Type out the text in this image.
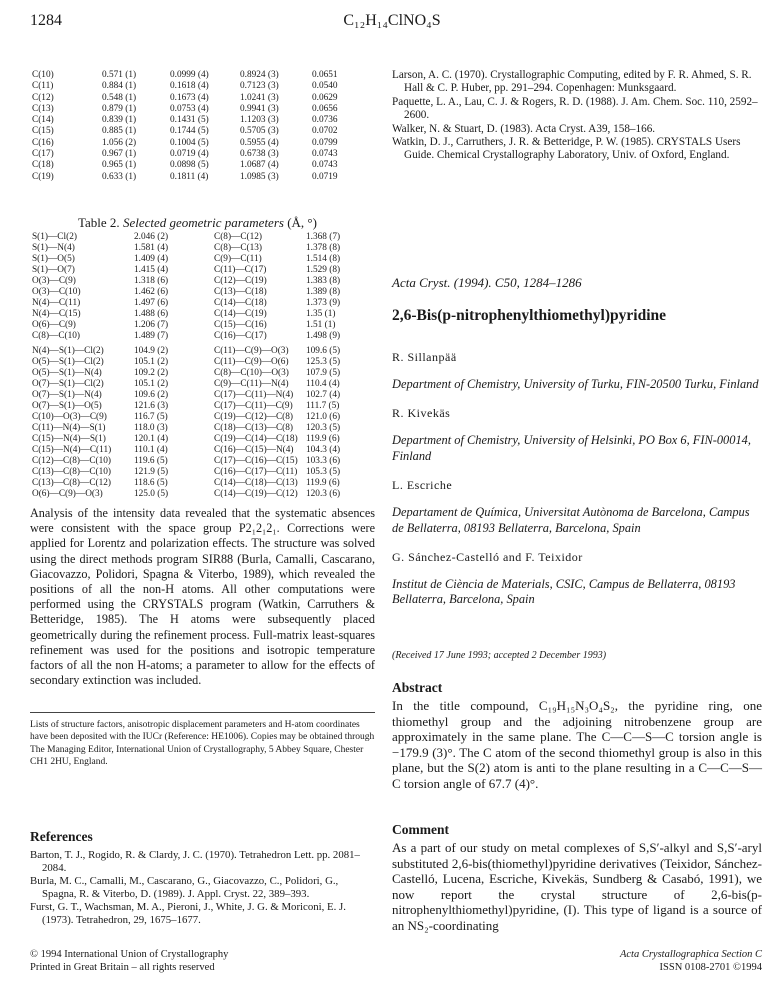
1284	C₁₂H₁₄ClNO₄S
C(10)	0.571 (1)	0.0999 (4)	0.8924 (3)	0.0651
C(11)	0.884 (1)	0.1618 (4)	0.7123 (3)	0.0540
C(12)	0.548 (1)	0.1673 (4)	1.0241 (3)	0.0629
C(13)	0.879 (1)	0.0753 (4)	0.9941 (3)	0.0656
C(14)	0.839 (1)	0.1431 (5)	1.1203 (3)	0.0736
C(15)	0.885 (1)	0.1744 (5)	0.5705 (3)	0.0702
C(16)	1.056 (2)	0.1004 (5)	0.5955 (4)	0.0799
C(17)	0.967 (1)	0.0719 (4)	0.6738 (3)	0.0743
C(18)	0.965 (1)	0.0898 (5)	1.0687 (4)	0.0743
C(19)	0.633 (1)	0.1811 (4)	1.0985 (3)	0.0719

Larson, A. C. (1970). Crystallographic Computing, edited by F. R. Ahmed, S. R. Hall & C. P. Huber, pp. 291–294. Copenhagen: Munksgaard.

Paquette, L. A., Lau, C. J. & Rogers, R. D. (1988). J. Am. Chem. Soc. 110, 2592–2600.

Walker, N. & Stuart, D. (1983). Acta Cryst. A39, 158–166.

Watkin, D. J., Carruthers, J. R. & Betteridge, P. W. (1985). CRYSTALS Users Guide. Chemical Crystallography Laboratory, Univ. of Oxford, England.

Table 2. Selected geometric parameters (Å, °)
S(1)—Cl(2)	2.046 (2)	C(8)—C(12)	1.368 (7)
S(1)—N(4)	1.581 (4)	C(8)—C(13)	1.378 (8)
S(1)—O(5)	1.409 (4)	C(9)—C(11)	1.514 (8)
S(1)—O(7)	1.415 (4)	C(11)—C(17)	1.529 (8)
O(3)—C(9)	1.318 (6)	C(12)—C(19)	1.383 (8)
O(3)—C(10)	1.462 (6)	C(13)—C(18)	1.389 (8)
N(4)—C(11)	1.497 (6)	C(14)—C(18)	1.373 (9)
N(4)—C(15)	1.488 (6)	C(14)—C(19)	1.35 (1)
O(6)—C(9)	1.206 (7)	C(15)—C(16)	1.51 (1)
C(8)—C(10)	1.489 (7)	C(16)—C(17)	1.498 (9)
N(4)—S(1)—Cl(2)	104.9 (2)	C(11)—C(9)—O(3)	109.6 (5)
O(5)—S(1)—Cl(2)	105.1 (2)	C(11)—C(9)—O(6)	125.3 (5)
O(5)—S(1)—N(4)	109.2 (2)	C(8)—C(10)—O(3)	107.9 (5)
O(7)—S(1)—Cl(2)	105.1 (2)	C(9)—C(11)—N(4)	110.4 (4)
O(7)—S(1)—N(4)	109.6 (2)	C(17)—C(11)—N(4)	102.7 (4)
O(7)—S(1)—O(5)	121.6 (3)	C(17)—C(11)—C(9)	111.7 (5)
C(10)—O(3)—C(9)	116.7 (5)	C(19)—C(12)—C(8)	121.0 (6)
C(11)—N(4)—S(1)	118.0 (3)	C(18)—C(13)—C(8)	120.3 (5)
C(15)—N(4)—S(1)	120.1 (4)	C(19)—C(14)—C(18)	119.9 (6)
C(15)—N(4)—C(11)	110.1 (4)	C(16)—C(15)—N(4)	104.3 (4)
C(12)—C(8)—C(10)	119.6 (5)	C(17)—C(16)—C(15)	103.3 (6)
C(13)—C(8)—C(10)	121.9 (5)	C(16)—C(17)—C(11)	105.3 (5)
C(13)—C(8)—C(12)	118.6 (5)	C(14)—C(18)—C(13)	119.9 (6)
O(6)—C(9)—O(3)	125.0 (5)	C(14)—C(19)—C(12)	120.3 (6)

Analysis of the intensity data revealed that the systematic absences were consistent with the space group P2₁2₁2₁. Corrections were applied for Lorentz and polarization effects. The structure was solved using the direct methods program SIR88 (Burla, Camalli, Cascarano, Giacovazzo, Polidori, Spagna & Viterbo, 1989), which revealed the positions of all the non-H atoms. All other computations were performed using the CRYSTALS program (Watkin, Carruthers & Betteridge, 1985). The H atoms were subsequently placed geometrically during the refinement process. Full-matrix least-squares refinement was used for the positions and isotropic temperature factors of all the non H-atoms; a parameter to allow for the effects of secondary extinction was included.

Lists of structure factors, anisotropic displacement parameters and H-atom coordinates have been deposited with the IUCr (Reference: HE1006). Copies may be obtained through The Managing Editor, International Union of Crystallography, 5 Abbey Square, Chester CH1 2HU, England.
References

Barton, T. J., Rogido, R. & Clardy, J. C. (1970). Tetrahedron Lett. pp. 2081–2084.

Burla, M. C., Camalli, M., Cascarano, G., Giacovazzo, C., Polidori, G., Spagna, R. & Viterbo, D. (1989). J. Appl. Cryst. 22, 389–393.

Furst, G. T., Wachsman, M. A., Pieroni, J., White, J. G. & Moriconi, E. J. (1973). Tetrahedron, 29, 1675–1677.

© 1994 International Union of Crystallography
Printed in Great Britain – all rights reserved
Acta Cryst. (1994). C50, 1284–1286
2,6-Bis(p-nitrophenylthiomethyl)pyridine
R. Sillanpää
Department of Chemistry, University of Turku, FIN-20500 Turku, Finland
R. Kivekäs
Department of Chemistry, University of Helsinki, PO Box 6, FIN-00014, Finland
L. Escriche
Departament de Química, Universitat Autònoma de Barcelona, Campus de Bellaterra, 08193 Bellaterra, Barcelona, Spain
G. Sánchez-Castelló and F. Teixidor
Institut de Ciència de Materials, CSIC, Campus de Bellaterra, 08193 Bellaterra, Barcelona, Spain
(Received 17 June 1993; accepted 2 December 1993)
Abstract

In the title compound, C₁₉H₁₅N₃O₄S₂, the pyridine ring, one thiomethyl group and the adjoining nitrobenzene group are approximately in the same plane. The C—C—S—C torsion angle is −179.9 (3)°. The C atom of the second thiomethyl group is also in this plane, but the S(2) atom is anti to the plane resulting in a C—C—S—C torsion angle of 67.7 (4)°.

Comment

As a part of our study on metal complexes of S,S′-alkyl and S,S′-aryl substituted 2,6-bis(thiomethyl)pyridine derivatives (Teixidor, Sánchez-Castelló, Lucena, Escriche, Kivekäs, Sundberg & Casabó, 1991), we now report the crystal structure of 2,6-bis(p-nitrophenylthiomethyl)pyridine, (I). This type of ligand is a source of an NS₂-coordinating

Acta Crystallographica Section C
ISSN 0108-2701 ©1994
